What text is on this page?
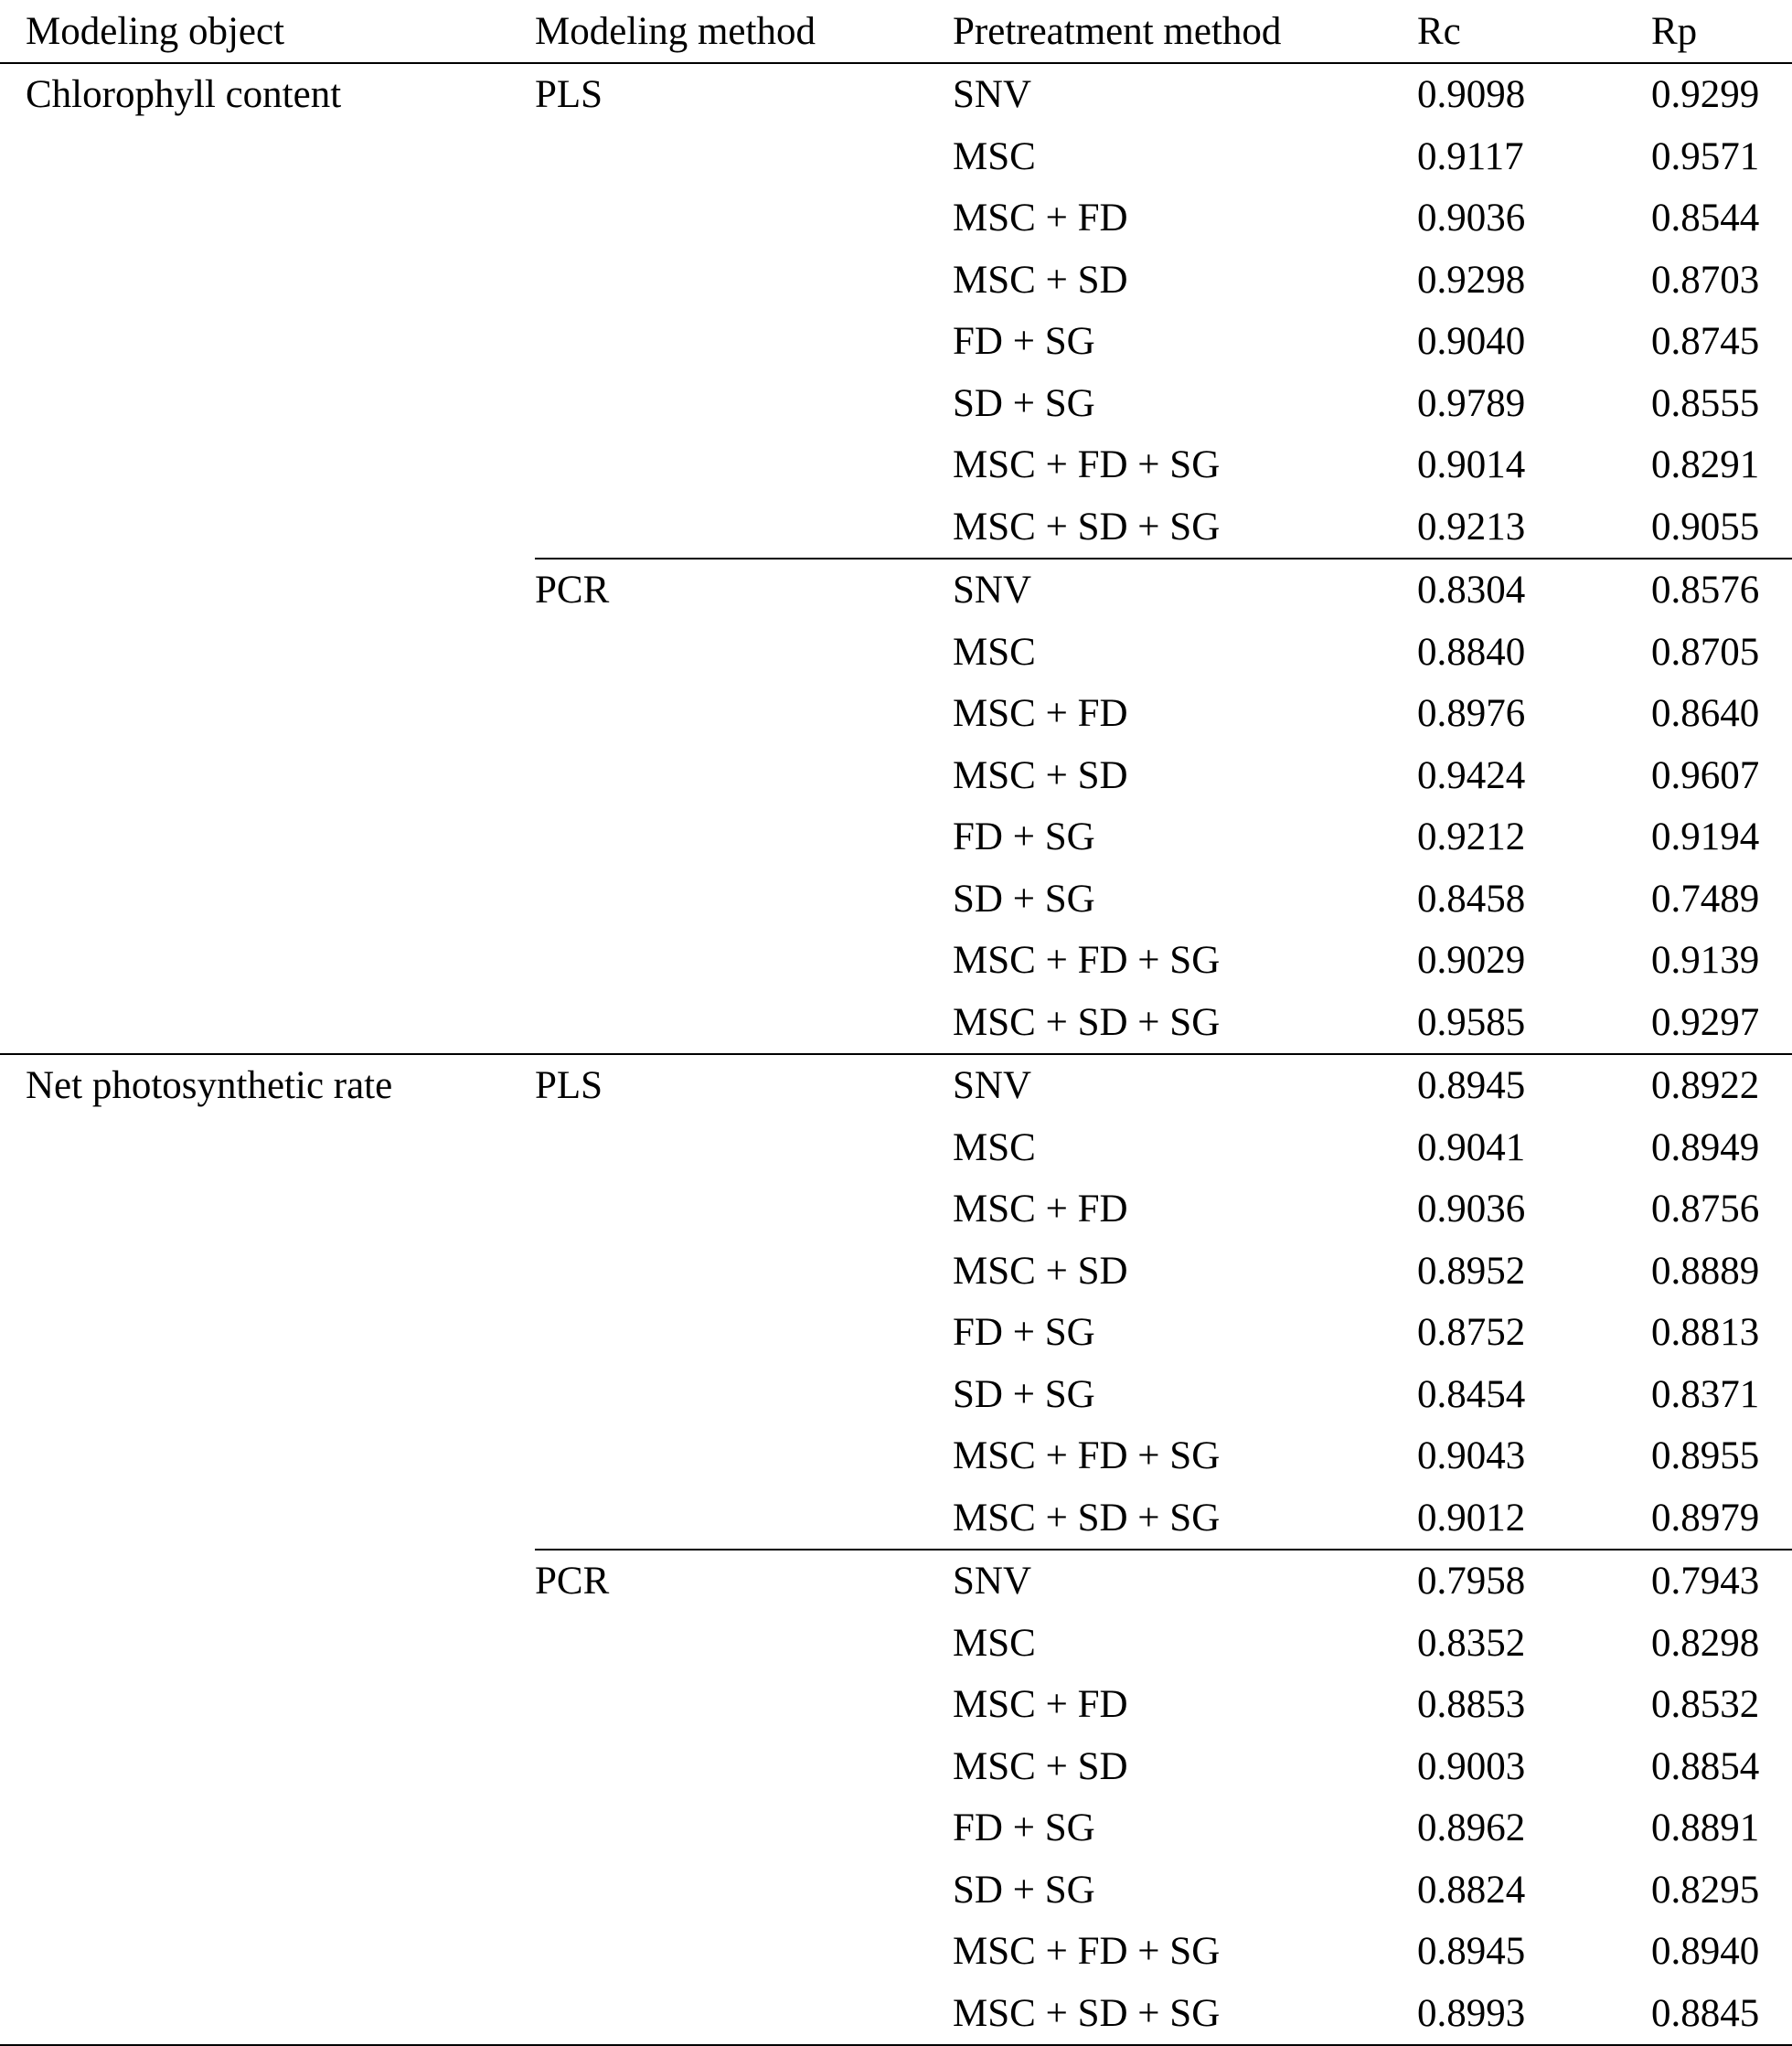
Modeling object	Modeling method	Pretreatment method	Rc	Rp
Chlorophyll content	PLS	SNV	0.9098	0.9299
		MSC	0.9117	0.9571
		MSC + FD	0.9036	0.8544
		MSC + SD	0.9298	0.8703
		FD + SG	0.9040	0.8745
		SD + SG	0.9789	0.8555
		MSC + FD + SG	0.9014	0.8291
		MSC + SD + SG	0.9213	0.9055
	PCR	SNV	0.8304	0.8576
		MSC	0.8840	0.8705
		MSC + FD	0.8976	0.8640
		MSC + SD	0.9424	0.9607
		FD + SG	0.9212	0.9194
		SD + SG	0.8458	0.7489
		MSC + FD + SG	0.9029	0.9139
		MSC + SD + SG	0.9585	0.9297
Net photosynthetic rate	PLS	SNV	0.8945	0.8922
		MSC	0.9041	0.8949
		MSC + FD	0.9036	0.8756
		MSC + SD	0.8952	0.8889
		FD + SG	0.8752	0.8813
		SD + SG	0.8454	0.8371
		MSC + FD + SG	0.9043	0.8955
		MSC + SD + SG	0.9012	0.8979
	PCR	SNV	0.7958	0.7943
		MSC	0.8352	0.8298
		MSC + FD	0.8853	0.8532
		MSC + SD	0.9003	0.8854
		FD + SG	0.8962	0.8891
		SD + SG	0.8824	0.8295
		MSC + FD + SG	0.8945	0.8940
		MSC + SD + SG	0.8993	0.8845
